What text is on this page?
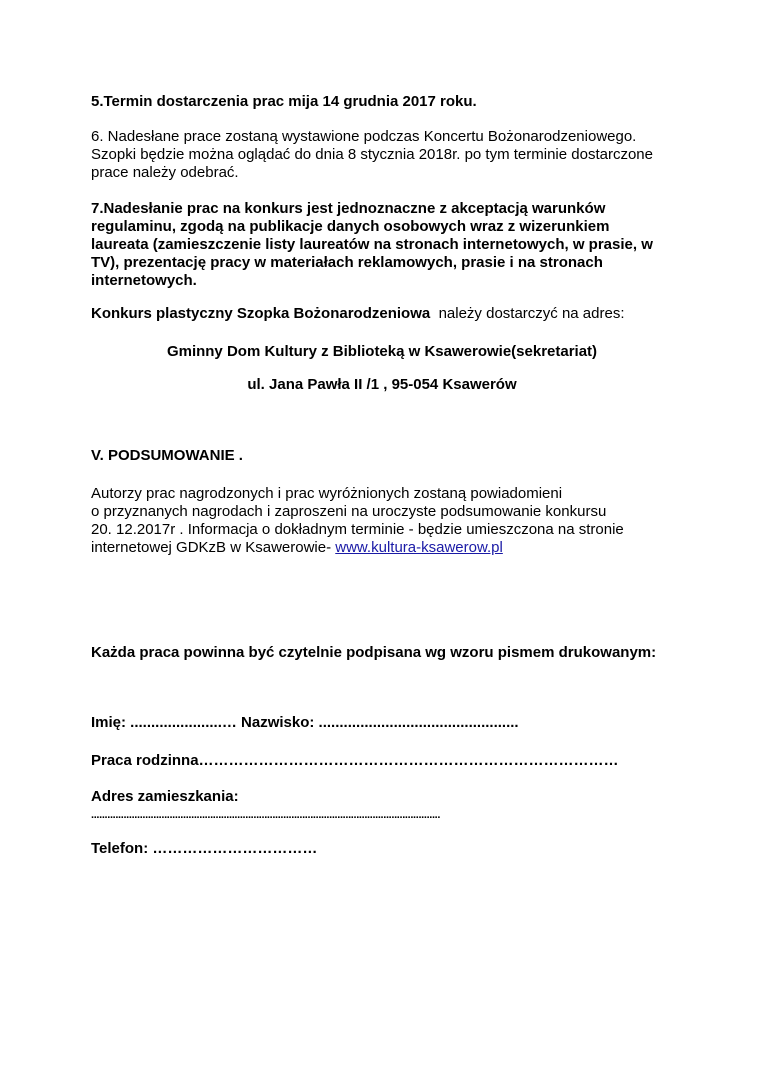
5.Termin dostarczenia prac mija 14 grudnia 2017 roku.

6. Nadesłane prace zostaną wystawione podczas Koncertu Bożonarodzeniowego.
Szopki będzie można oglądać do dnia 8 stycznia 2018r. po tym terminie dostarczone
prace należy odebrać.

7.Nadesłanie prac na konkurs jest jednoznaczne z akceptacją warunków
regulaminu, zgodą na publikacje danych osobowych wraz z wizerunkiem
laureata (zamieszczenie listy laureatów na stronach internetowych, w prasie, w
TV), prezentację pracy w materiałach reklamowych, prasie i na stronach
internetowych.

Konkurs plastyczny Szopka Bożonarodzeniowa  należy dostarczyć na adres:

Gminny Dom Kultury z Biblioteką w Ksawerowie(sekretariat)

ul. Jana Pawła II /1 , 95-054 Ksawerów

V. PODSUMOWANIE .

Autorzy prac nagrodzonych i prac wyróżnionych zostaną powiadomieni
o przyznanych nagrodach i zaproszeni na uroczyste podsumowanie konkursu
20. 12.2017r . Informacja o dokładnym terminie - będzie umieszczona na stronie
internetowej GDKzB w Ksawerowie- www.kultura-ksawerow.pl

Każda praca powinna być czytelnie podpisana wg wzoru pismem drukowanym:

Imię: ......................… Nazwisko: ................................................

Praca rodzinna…………………………………………………………………………

Adres zamieszkania:

.................................................................................................................................

Telefon: ……………………………
